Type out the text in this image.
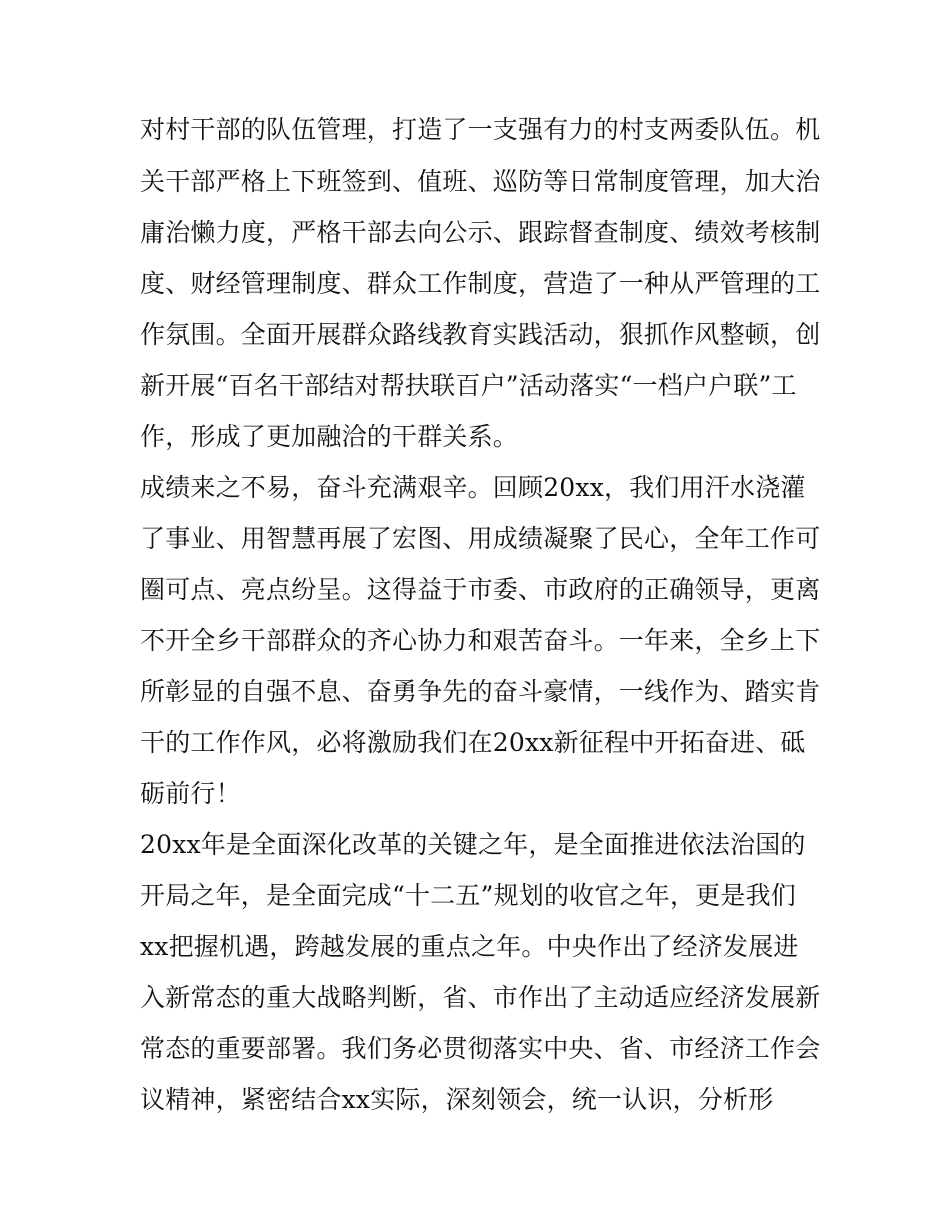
对村干部的队伍管理，打造了一支强有力的村支两委队伍。机
关干部严格上下班签到、值班、巡防等日常制度管理，加大治
庸治懒力度，严格干部去向公示、跟踪督查制度、绩效考核制
度、财经管理制度、群众工作制度，营造了一种从严管理的工
作氛围。全面开展群众路线教育实践活动，狠抓作风整顿，创
新开展“百名干部结对帮扶联百户”活动落实“一档户户联”工
作，形成了更加融洽的干群关系。
成绩来之不易，奋斗充满艰辛。回顾20xx，我们用汗水浇灌
了事业、用智慧再展了宏图、用成绩凝聚了民心，全年工作可
圈可点、亮点纷呈。这得益于市委、市政府的正确领导，更离
不开全乡干部群众的齐心协力和艰苦奋斗。一年来，全乡上下
所彰显的自强不息、奋勇争先的奋斗豪情，一线作为、踏实肯
干的工作作风，必将激励我们在20xx新征程中开拓奋进、砥
砺前行！
20xx年是全面深化改革的关键之年，是全面推进依法治国的
开局之年，是全面完成“十二五”规划的收官之年，更是我们
xx把握机遇，跨越发展的重点之年。中央作出了经济发展进
入新常态的重大战略判断，省、市作出了主动适应经济发展新
常态的重要部署。我们务必贯彻落实中央、省、市经济工作会
议精神，紧密结合xx实际，深刻领会，统一认识，分析形
